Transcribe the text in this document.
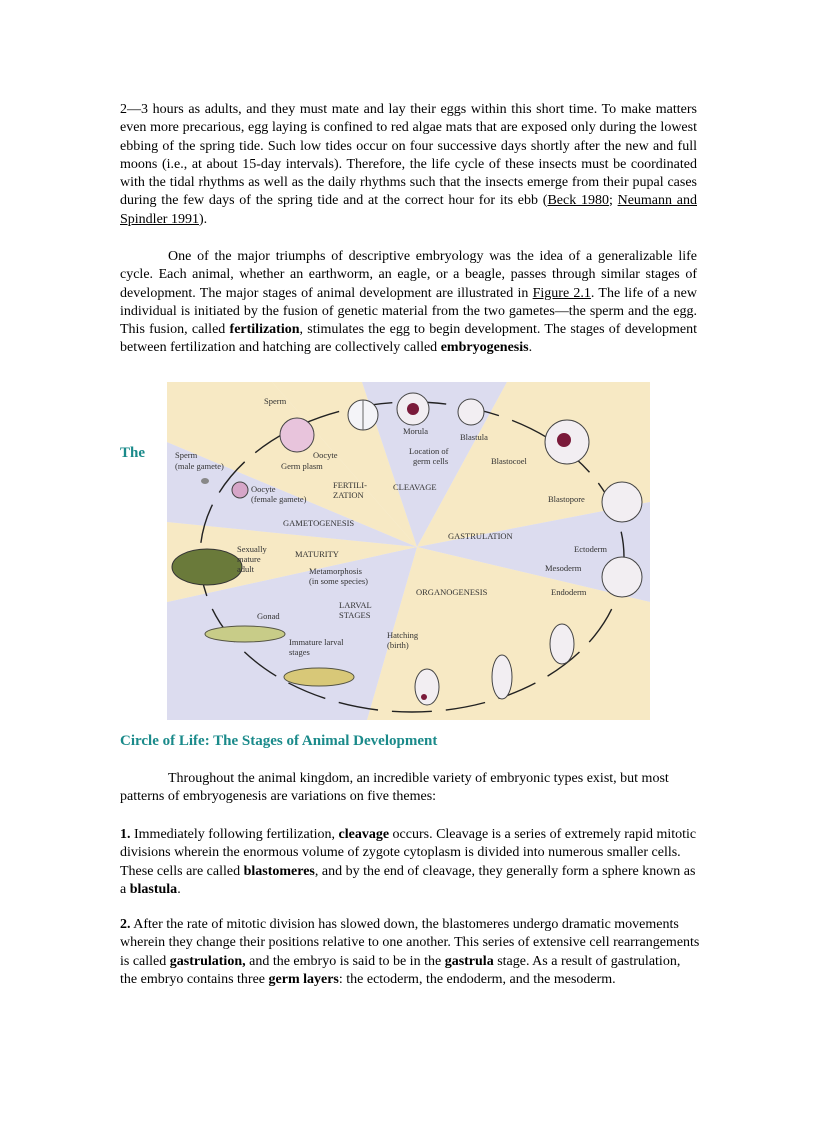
2—3 hours as adults, and they must mate and lay their eggs within this short time. To make matters even more precarious, egg laying is confined to red algae mats that are exposed only during the lowest ebbing of the spring tide. Such low tides occur on four successive days shortly after the new and full moons (i.e., at about 15-day intervals). Therefore, the life cycle of these insects must be coordinated with the tidal rhythms as well as the daily rhythms such that the insects emerge from their pupal cases during the few days of the spring tide and at the correct hour for its ebb (Beck 1980; Neumann and Spindler 1991).

One of the major triumphs of descriptive embryology was the idea of a generalizable life cycle. Each animal, whether an earthworm, an eagle, or a beagle, passes through similar stages of development. The major stages of animal development are illustrated in Figure 2.1. The life of a new individual is initiated by the fusion of genetic material from the two gametes—the sperm and the egg. This fusion, called fertilization, stimulates the egg to begin development. The stages of development between fertilization and hatching are collectively called embryogenesis.

The
Sperm
Morula
Blastula
Oocyte	Location of
germ cells	Blastocoel
Sperm
(male gamete)	Germ plasm
FERTILI-
ZATION
CLEAVAGE
Oocyte
(female gamete)	Blastopore
GAMETOGENESIS
GASTRULATION
Sexually
mature
adult
MATURITY	Ectoderm
Metamorphosis
(in some species)
Mesoderm
ORGANOGENESIS	Endoderm
LARVAL
STAGES
Gonad
Hatching
(birth)
Immature larval
stages
Circle of Life: The Stages of Animal Development

Throughout the animal kingdom, an incredible variety of embryonic types exist, but most patterns of embryogenesis are variations on five themes:

1. Immediately following fertilization, cleavage occurs. Cleavage is a series of extremely rapid mitotic divisions wherein the enormous volume of zygote cytoplasm is divided into numerous smaller cells. These cells are called blastomeres, and by the end of cleavage, they generally form a sphere known as a blastula.

2. After the rate of mitotic division has slowed down, the blastomeres undergo dramatic movements wherein they change their positions relative to one another. This series of extensive cell rearrangements is called gastrulation, and the embryo is said to be in the gastrula stage. As a result of gastrulation, the embryo contains three germ layers: the ectoderm, the endoderm, and the mesoderm.
